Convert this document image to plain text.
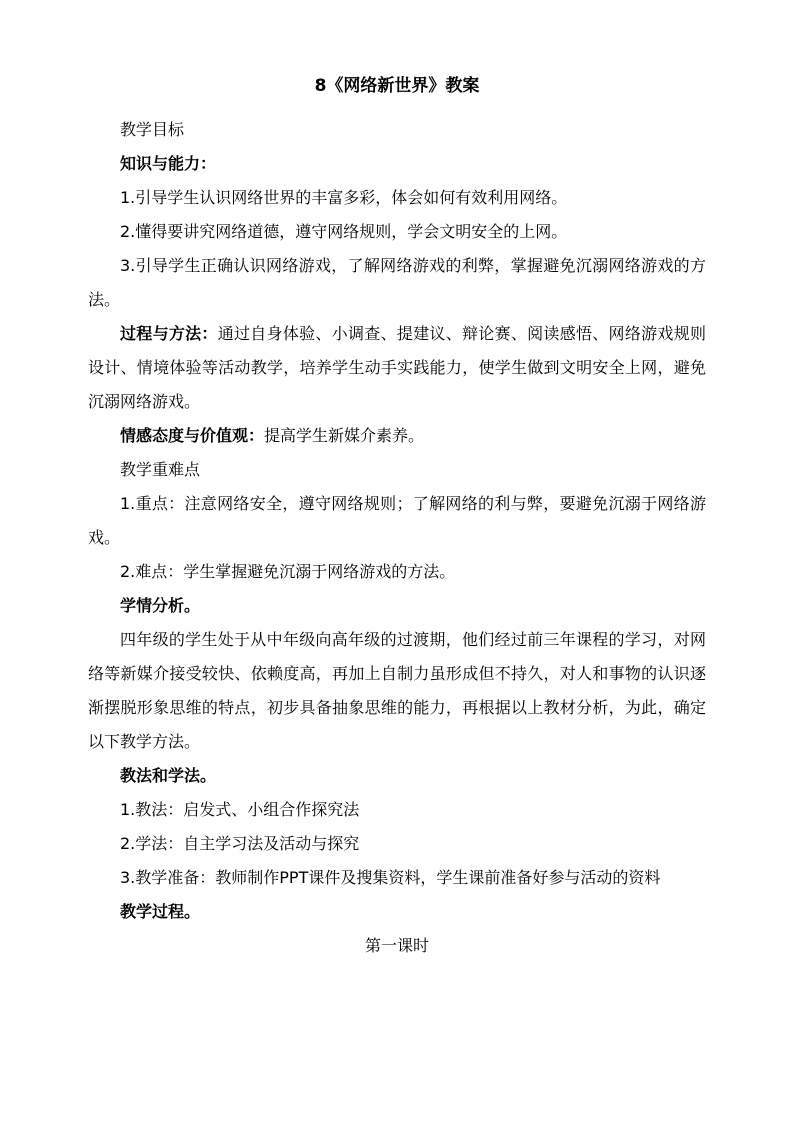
8《网络新世界》教案

教学目标

知识与能力：

1.引导学生认识网络世界的丰富多彩，体会如何有效利用网络。

2.懂得要讲究网络道德，遵守网络规则，学会文明安全的上网。

3.引导学生正确认识网络游戏，了解网络游戏的利弊，掌握避免沉溺网络游戏的方法。

过程与方法：通过自身体验、小调查、提建议、辩论赛、阅读感悟、网络游戏规则设计、情境体验等活动教学，培养学生动手实践能力，使学生做到文明安全上网，避免沉溺网络游戏。

情感态度与价值观：提高学生新媒介素养。

教学重难点

1.重点：注意网络安全，遵守网络规则；了解网络的利与弊，要避免沉溺于网络游戏。

2.难点：学生掌握避免沉溺于网络游戏的方法。

学情分析。

四年级的学生处于从中年级向高年级的过渡期，他们经过前三年课程的学习，对网络等新媒介接受较快、依赖度高，再加上自制力虽形成但不持久，对人和事物的认识逐渐摆脱形象思维的特点，初步具备抽象思维的能力，再根据以上教材分析，为此，确定以下教学方法。

教法和学法。

1.教法：启发式、小组合作探究法

2.学法：自主学习法及活动与探究

3.教学准备：教师制作PPT课件及搜集资料，学生课前准备好参与活动的资料

教学过程。

第一课时
